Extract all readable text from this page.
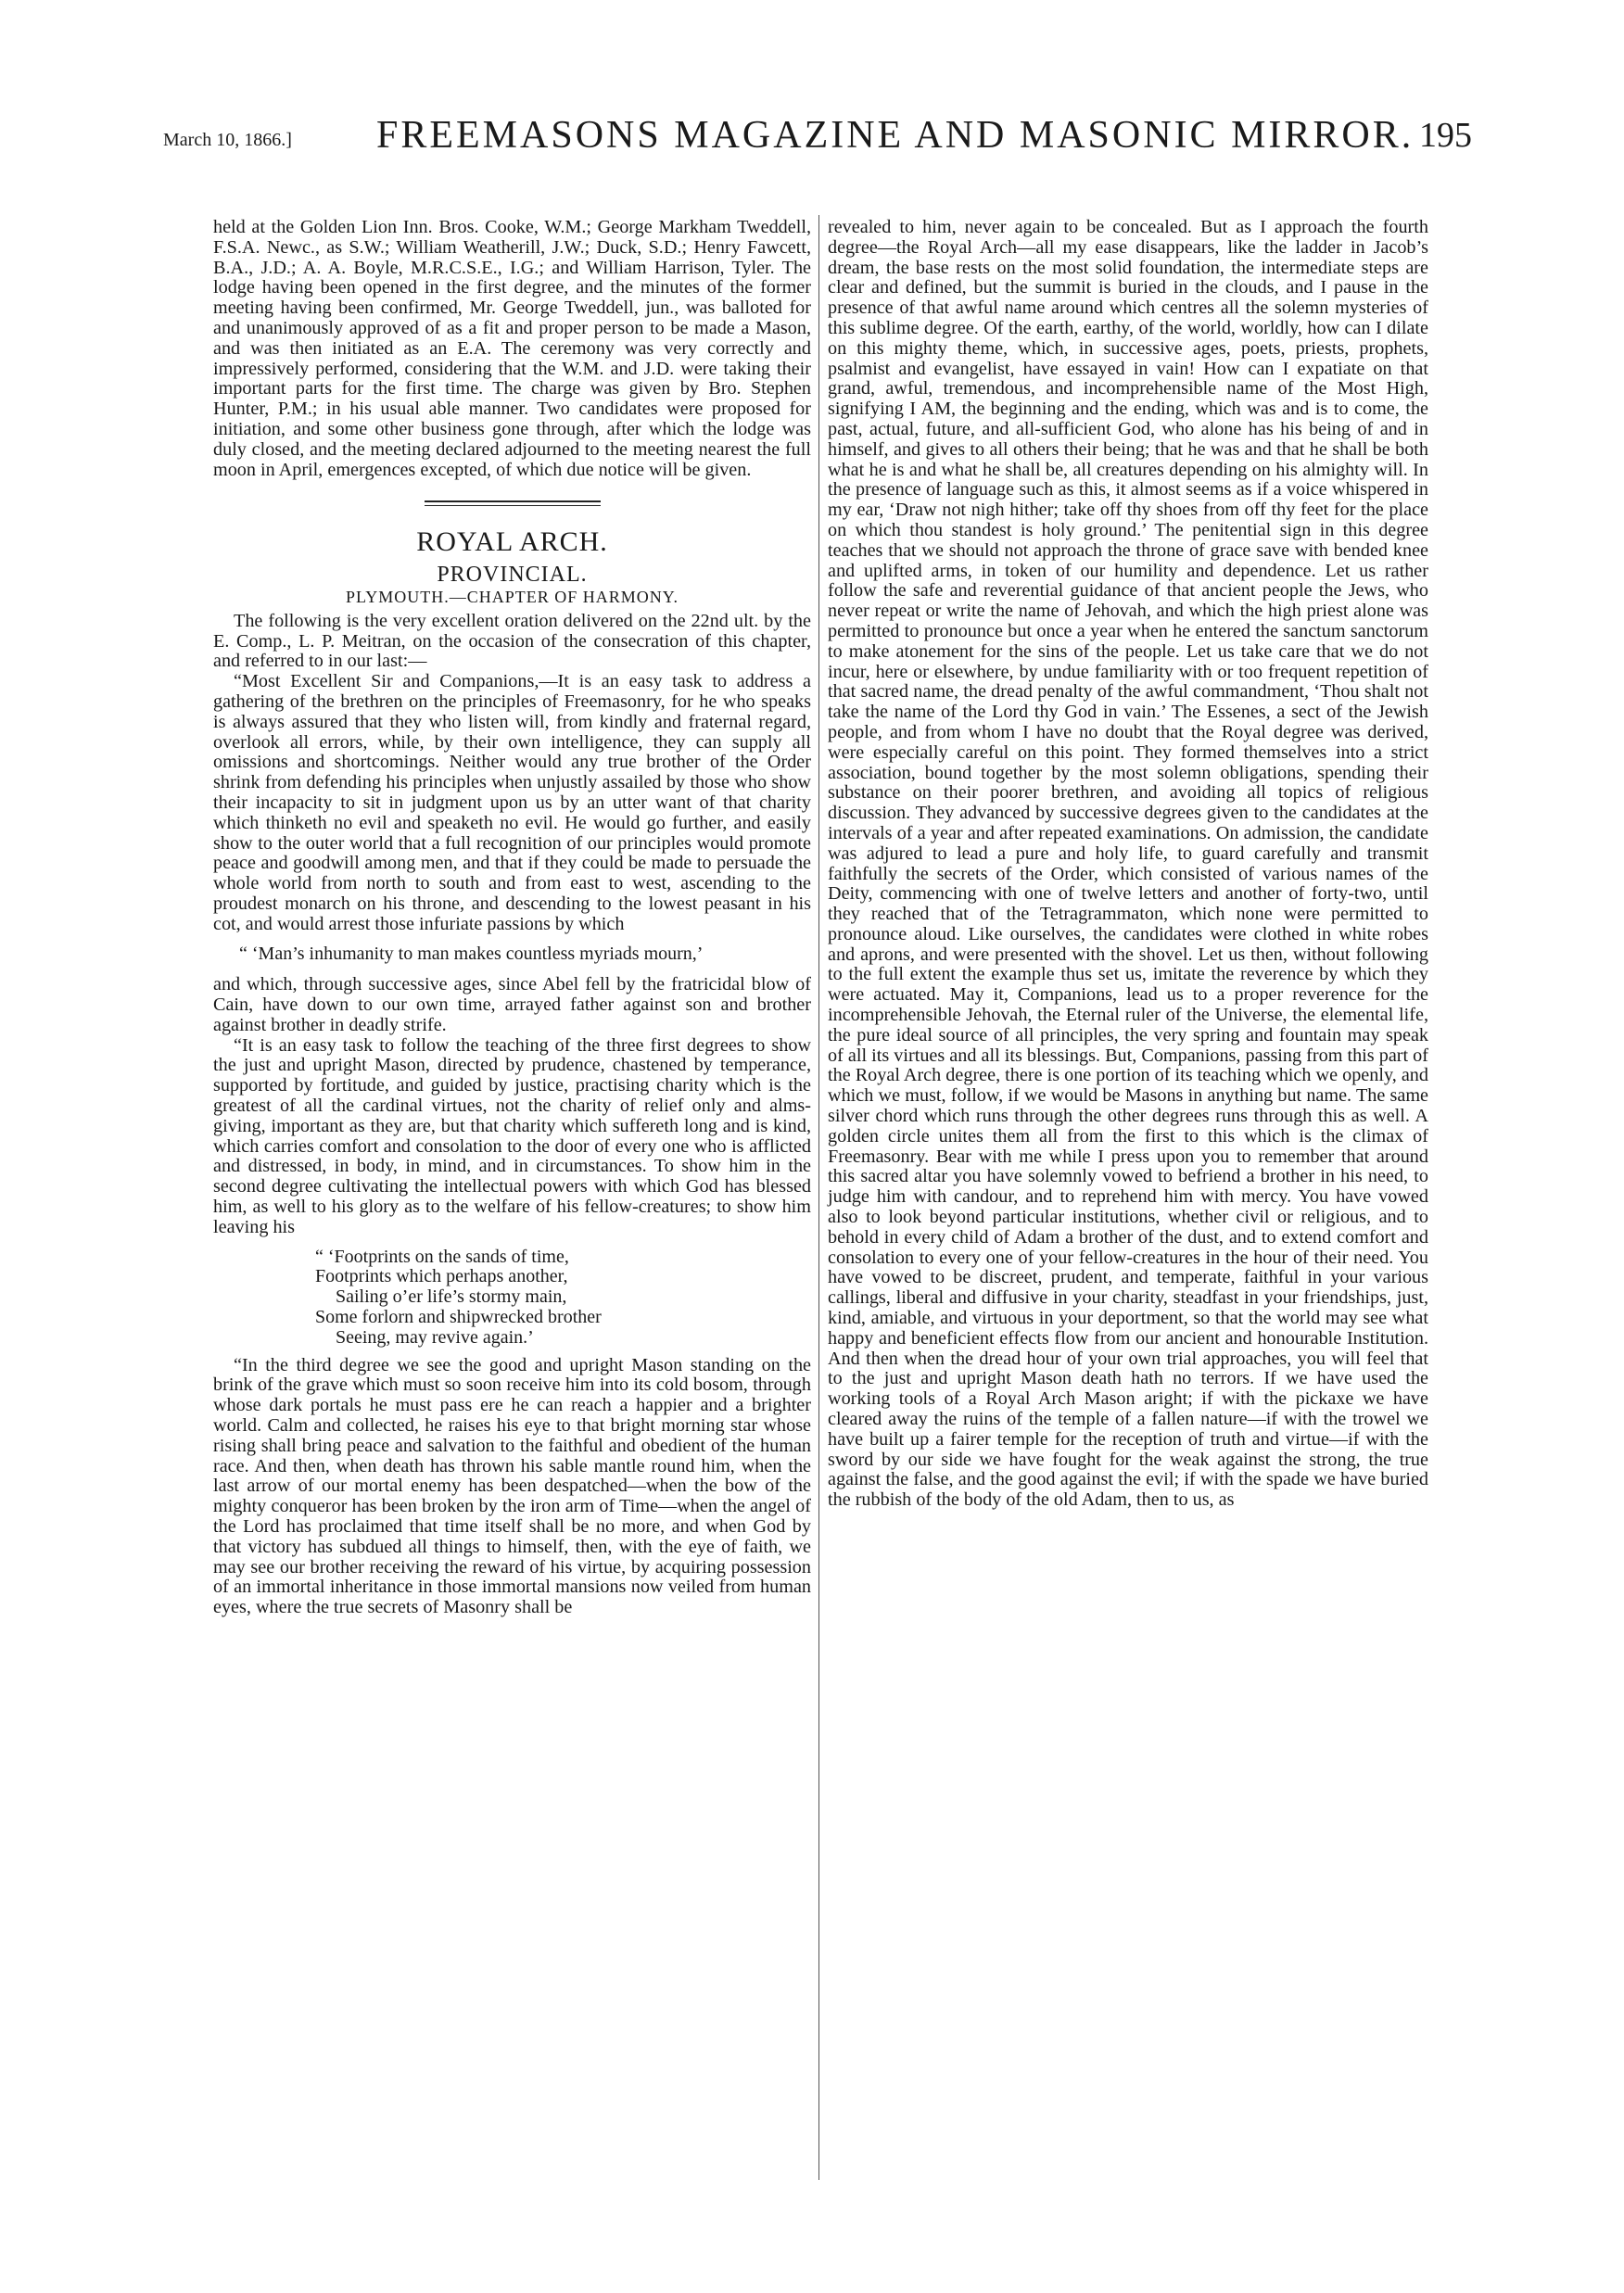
March 10, 1866.] FREEMASONS MAGAZINE AND MASONIC MIRROR. 195

held at the Golden Lion Inn. Bros. Cooke, W.M.; George Markham Tweddell, F.S.A. Newc., as S.W.; William Weatherill, J.W.; Duck, S.D.; Henry Fawcett, B.A., J.D.; A. A. Boyle, M.R.C.S.E., I.G.; and William Harrison, Tyler. The lodge having been opened in the first degree, and the minutes of the former meeting having been confirmed, Mr. George Tweddell, jun., was balloted for and unanimously approved of as a fit and proper person to be made a Mason, and was then initiated as an E.A. The ceremony was very correctly and impressively performed, considering that the W.M. and J.D. were taking their important parts for the first time. The charge was given by Bro. Stephen Hunter, P.M.; in his usual able manner. Two candidates were proposed for initiation, and some other business gone through, after which the lodge was duly closed, and the meeting declared adjourned to the meeting nearest the full moon in April, emergences excepted, of which due notice will be given.

ROYAL ARCH.
PROVINCIAL.
PLYMOUTH.—CHAPTER OF HARMONY.

The following is the very excellent oration delivered on the 22nd ult. by the E. Comp., L. P. Meitran, on the occasion of the consecration of this chapter, and referred to in our last:—

“Most Excellent Sir and Companions,—It is an easy task to address a gathering of the brethren on the principles of Freemasonry, for he who speaks is always assured that they who listen will, from kindly and fraternal regard, overlook all errors, while, by their own intelligence, they can supply all omissions and shortcomings. Neither would any true brother of the Order shrink from defending his principles when unjustly assailed by those who show their incapacity to sit in judgment upon us by an utter want of that charity which thinketh no evil and speaketh no evil. He would go further, and easily show to the outer world that a full recognition of our principles would promote peace and goodwill among men, and that if they could be made to persuade the whole world from north to south and from east to west, ascending to the proudest monarch on his throne, and descending to the lowest peasant in his cot, and would arrest those infuriate passions by which

“ ‘Man’s inhumanity to man makes countless myriads mourn,’

and which, through successive ages, since Abel fell by the fratricidal blow of Cain, have down to our own time, arrayed father against son and brother against brother in deadly strife.

“It is an easy task to follow the teaching of the three first degrees to show the just and upright Mason, directed by prudence, chastened by temperance, supported by fortitude, and guided by justice, practising charity which is the greatest of all the cardinal virtues, not the charity of relief only and alms-giving, important as they are, but that charity which suffereth long and is kind, which carries comfort and consolation to the door of every one who is afflicted and distressed, in body, in mind, and in circumstances. To show him in the second degree cultivating the intellectual powers with which God has blessed him, as well to his glory as to the welfare of his fellow-creatures; to show him leaving his

“ ‘Footprints on the sands of time,
Footprints which perhaps another,
Sailing o’er life’s stormy main,
Some forlorn and shipwrecked brother
Seeing, may revive again.’

“In the third degree we see the good and upright Mason standing on the brink of the grave which must so soon receive him into its cold bosom, through whose dark portals he must pass ere he can reach a happier and a brighter world. Calm and collected, he raises his eye to that bright morning star whose rising shall bring peace and salvation to the faithful and obedient of the human race. And then, when death has thrown his sable mantle round him, when the last arrow of our mortal enemy has been despatched—when the bow of the mighty conqueror has been broken by the iron arm of Time—when the angel of the Lord has proclaimed that time itself shall be no more, and when God by that victory has subdued all things to himself, then, with the eye of faith, we may see our brother receiving the reward of his virtue, by acquiring possession of an immortal inheritance in those immortal mansions now veiled from human eyes, where the true secrets of Masonry shall be

revealed to him, never again to be concealed. But as I approach the fourth degree—the Royal Arch—all my ease disappears, like the ladder in Jacob’s dream, the base rests on the most solid foundation, the intermediate steps are clear and defined, but the summit is buried in the clouds, and I pause in the presence of that awful name around which centres all the solemn mysteries of this sublime degree. Of the earth, earthy, of the world, worldly, how can I dilate on this mighty theme, which, in successive ages, poets, priests, prophets, psalmist and evangelist, have essayed in vain! How can I expatiate on that grand, awful, tremendous, and incomprehensible name of the Most High, signifying I AM, the beginning and the ending, which was and is to come, the past, actual, future, and all-sufficient God, who alone has his being of and in himself, and gives to all others their being; that he was and that he shall be both what he is and what he shall be, all creatures depending on his almighty will. In the presence of language such as this, it almost seems as if a voice whispered in my ear, ‘Draw not nigh hither; take off thy shoes from off thy feet for the place on which thou standest is holy ground.’ The penitential sign in this degree teaches that we should not approach the throne of grace save with bended knee and uplifted arms, in token of our humility and dependence. Let us rather follow the safe and reverential guidance of that ancient people the Jews, who never repeat or write the name of Jehovah, and which the high priest alone was permitted to pronounce but once a year when he entered the sanctum sanctorum to make atonement for the sins of the people. Let us take care that we do not incur, here or elsewhere, by undue familiarity with or too frequent repetition of that sacred name, the dread penalty of the awful commandment, ‘Thou shalt not take the name of the Lord thy God in vain.’ The Essenes, a sect of the Jewish people, and from whom I have no doubt that the Royal degree was derived, were especially careful on this point. They formed themselves into a strict association, bound together by the most solemn obligations, spending their substance on their poorer brethren, and avoiding all topics of religious discussion. They advanced by successive degrees given to the candidates at the intervals of a year and after repeated examinations. On admission, the candidate was adjured to lead a pure and holy life, to guard carefully and transmit faithfully the secrets of the Order, which consisted of various names of the Deity, commencing with one of twelve letters and another of forty-two, until they reached that of the Tetragrammaton, which none were permitted to pronounce aloud. Like ourselves, the candidates were clothed in white robes and aprons, and were presented with the shovel. Let us then, without following to the full extent the example thus set us, imitate the reverence by which they were actuated. May it, Companions, lead us to a proper reverence for the incomprehensible Jehovah, the Eternal ruler of the Universe, the elemental life, the pure ideal source of all principles, the very spring and fountain may speak of all its virtues and all its blessings. But, Companions, passing from this part of the Royal Arch degree, there is one portion of its teaching which we openly, and which we must, follow, if we would be Masons in anything but name. The same silver chord which runs through the other degrees runs through this as well. A golden circle unites them all from the first to this which is the climax of Freemasonry. Bear with me while I press upon you to remember that around this sacred altar you have solemnly vowed to befriend a brother in his need, to judge him with candour, and to reprehend him with mercy. You have vowed also to look beyond particular institutions, whether civil or religious, and to behold in every child of Adam a brother of the dust, and to extend comfort and consolation to every one of your fellow-creatures in the hour of their need. You have vowed to be discreet, prudent, and temperate, faithful in your various callings, liberal and diffusive in your charity, steadfast in your friendships, just, kind, amiable, and virtuous in your deportment, so that the world may see what happy and beneficient effects flow from our ancient and honourable Institution. And then when the dread hour of your own trial approaches, you will feel that to the just and upright Mason death hath no terrors. If we have used the working tools of a Royal Arch Mason aright; if with the pickaxe we have cleared away the ruins of the temple of a fallen nature—if with the trowel we have built up a fairer temple for the reception of truth and virtue—if with the sword by our side we have fought for the weak against the strong, the true against the false, and the good against the evil; if with the spade we have buried the rubbish of the body of the old Adam, then to us, as
